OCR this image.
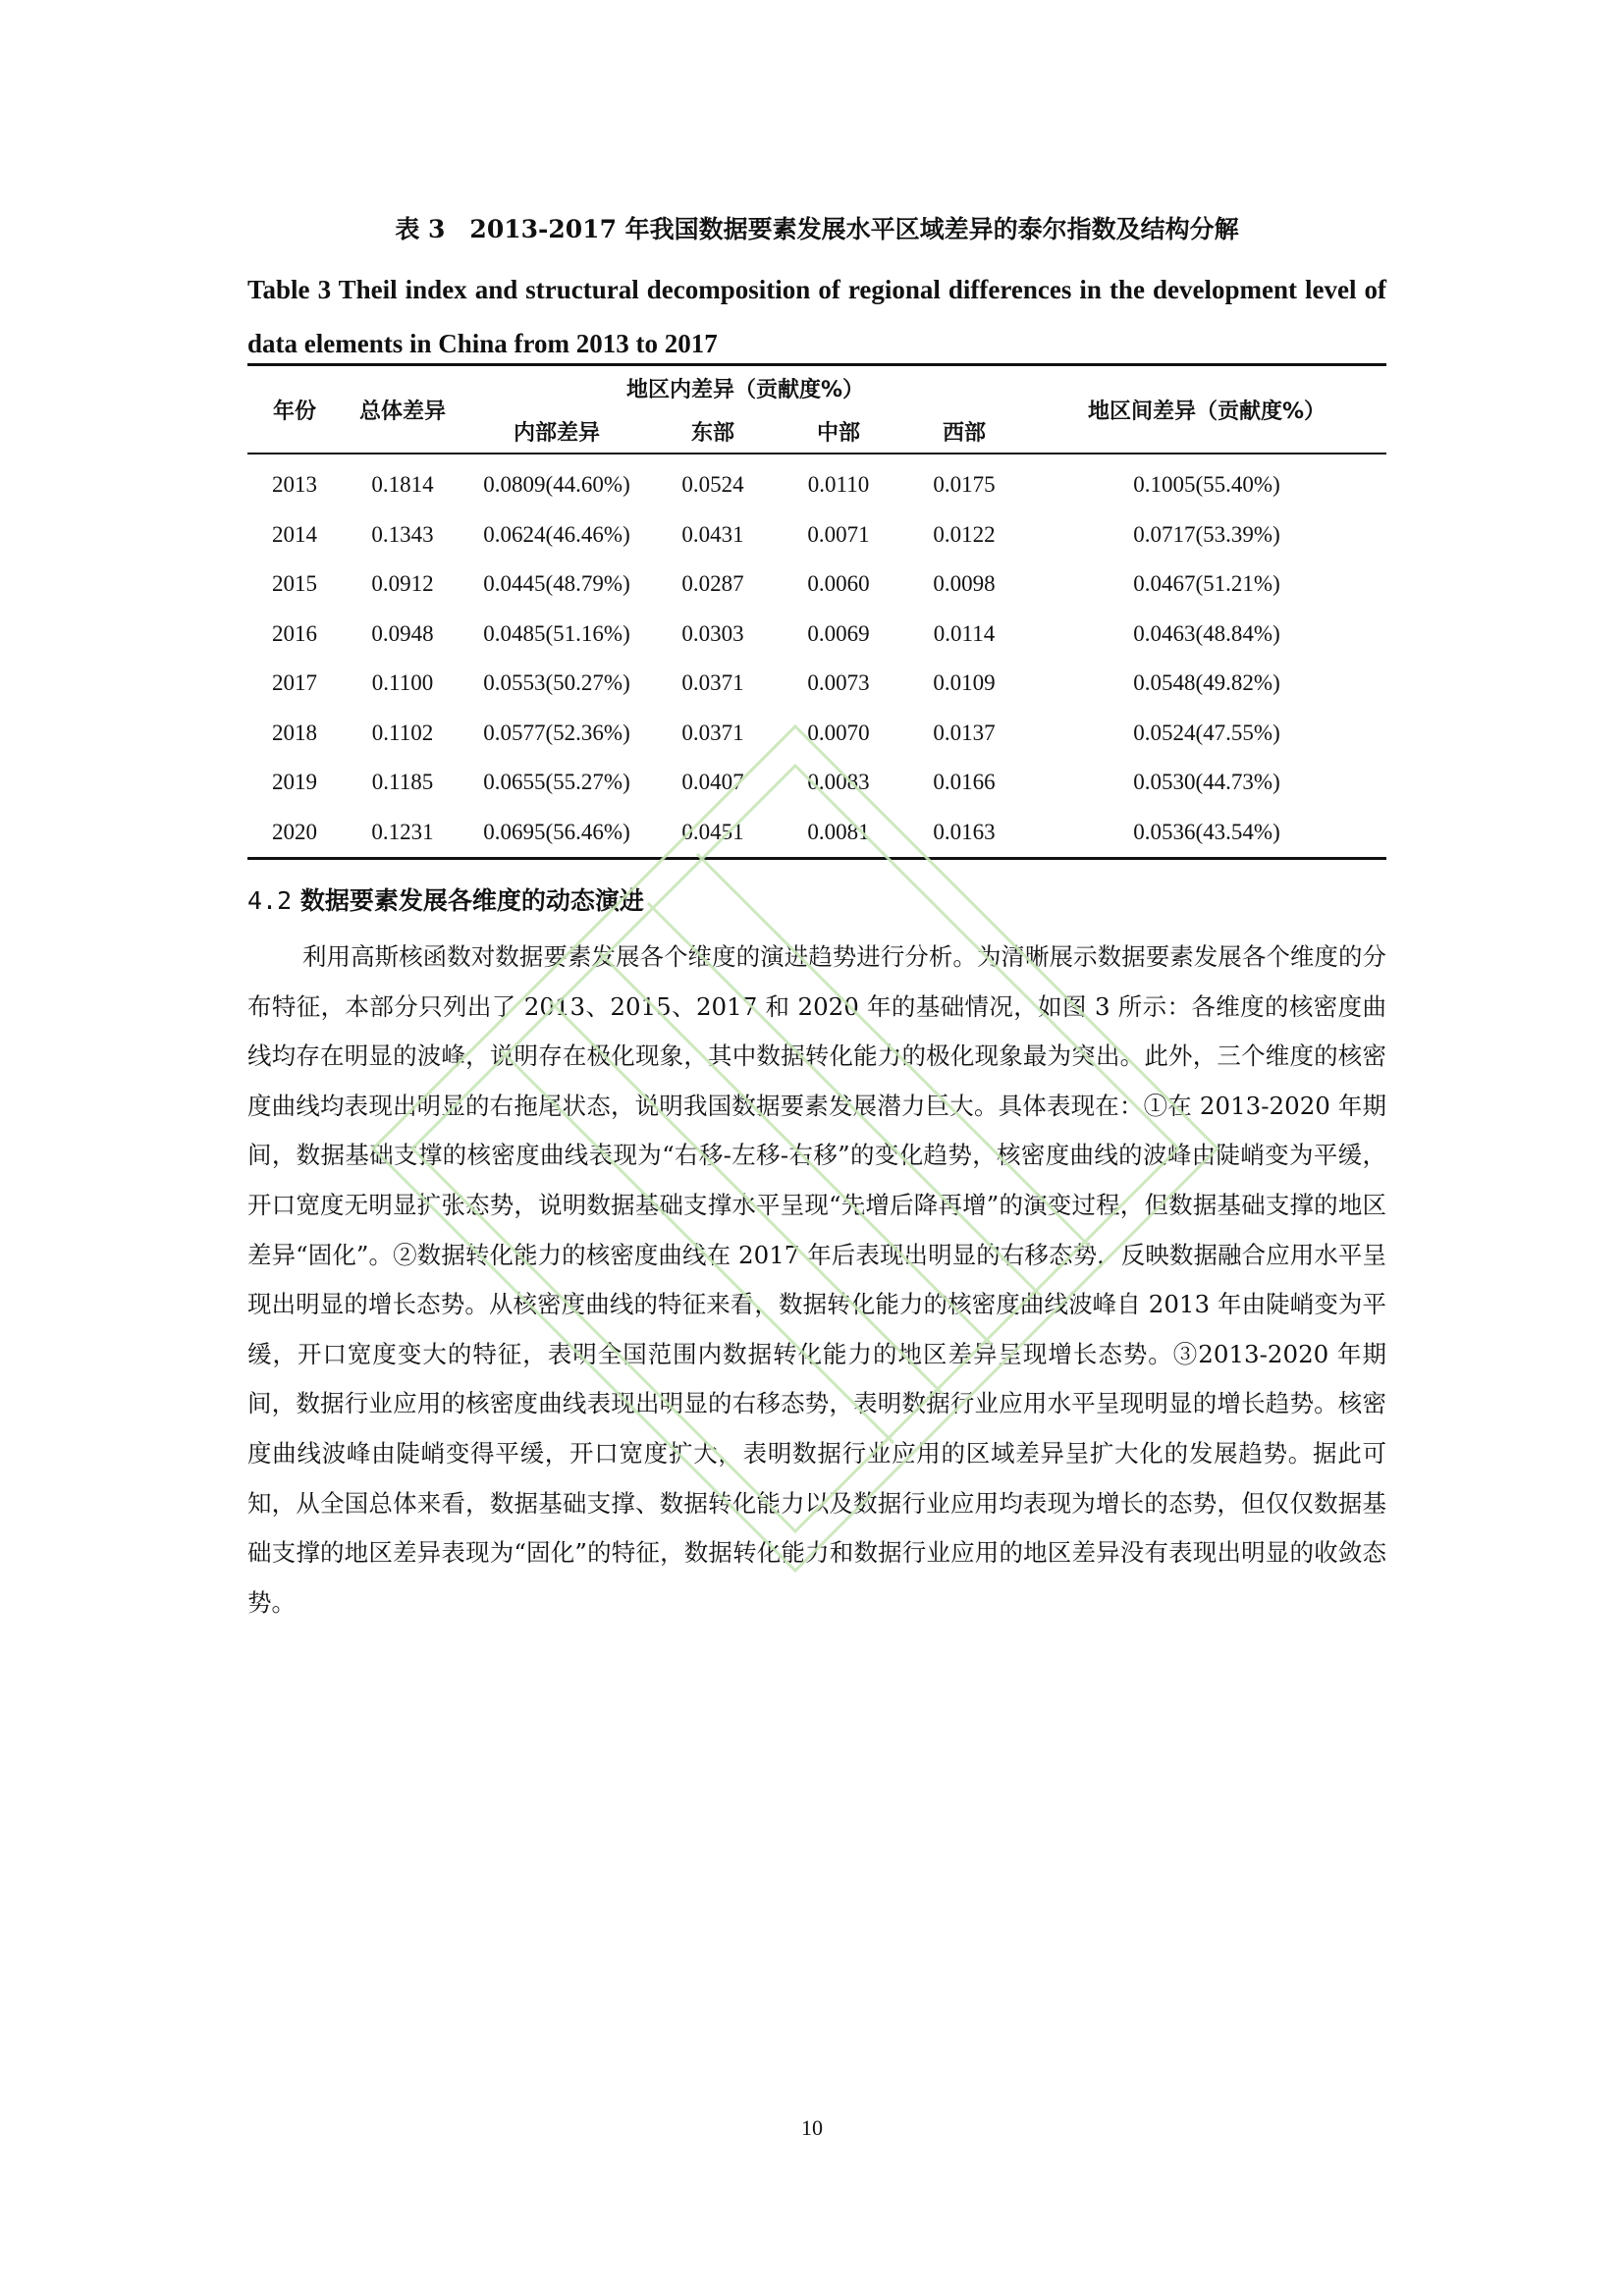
表 3　2013-2017 年我国数据要素发展水平区域差异的泰尔指数及结构分解
Table 3 Theil index and structural decomposition of regional differences in the development level of data elements in China from 2013 to 2017
年份	总体差异	地区内差异（贡献度%）				地区间差异（贡献度%）
		内部差异	东部	中部	西部	
2013	0.1814	0.0809(44.60%)	0.0524	0.0110	0.0175	0.1005(55.40%)
2014	0.1343	0.0624(46.46%)	0.0431	0.0071	0.0122	0.0717(53.39%)
2015	0.0912	0.0445(48.79%)	0.0287	0.0060	0.0098	0.0467(51.21%)
2016	0.0948	0.0485(51.16%)	0.0303	0.0069	0.0114	0.0463(48.84%)
2017	0.1100	0.0553(50.27%)	0.0371	0.0073	0.0109	0.0548(49.82%)
2018	0.1102	0.0577(52.36%)	0.0371	0.0070	0.0137	0.0524(47.55%)
2019	0.1185	0.0655(55.27%)	0.0407	0.0083	0.0166	0.0530(44.73%)
2020	0.1231	0.0695(56.46%)	0.0451	0.0081	0.0163	0.0536(43.54%)
4.2 数据要素发展各维度的动态演进

利用高斯核函数对数据要素发展各个维度的演进趋势进行分析。为清晰展示数据要素发展各个维度的分布特征，本部分只列出了 2013、2015、2017 和 2020 年的基础情况，如图 3 所示：各维度的核密度曲线均存在明显的波峰，说明存在极化现象，其中数据转化能力的极化现象最为突出。此外，三个维度的核密度曲线均表现出明显的右拖尾状态，说明我国数据要素发展潜力巨大。具体表现在：①在 2013-2020 年期间，数据基础支撑的核密度曲线表现为“右移-左移-右移”的变化趋势，核密度曲线的波峰由陡峭变为平缓，开口宽度无明显扩张态势，说明数据基础支撑水平呈现“先增后降再增”的演变过程，但数据基础支撑的地区差异“固化”。②数据转化能力的核密度曲线在 2017 年后表现出明显的右移态势，反映数据融合应用水平呈现出明显的增长态势。从核密度曲线的特征来看，数据转化能力的核密度曲线波峰自 2013 年由陡峭变为平缓，开口宽度变大的特征，表明全国范围内数据转化能力的地区差异呈现增长态势。③2013-2020 年期间，数据行业应用的核密度曲线表现出明显的右移态势，表明数据行业应用水平呈现明显的增长趋势。核密度曲线波峰由陡峭变得平缓，开口宽度扩大，表明数据行业应用的区域差异呈扩大化的发展趋势。据此可知，从全国总体来看，数据基础支撑、数据转化能力以及数据行业应用均表现为增长的态势，但仅仅数据基础支撑的地区差异表现为“固化”的特征，数据转化能力和数据行业应用的地区差异没有表现出明显的收敛态势。

10
